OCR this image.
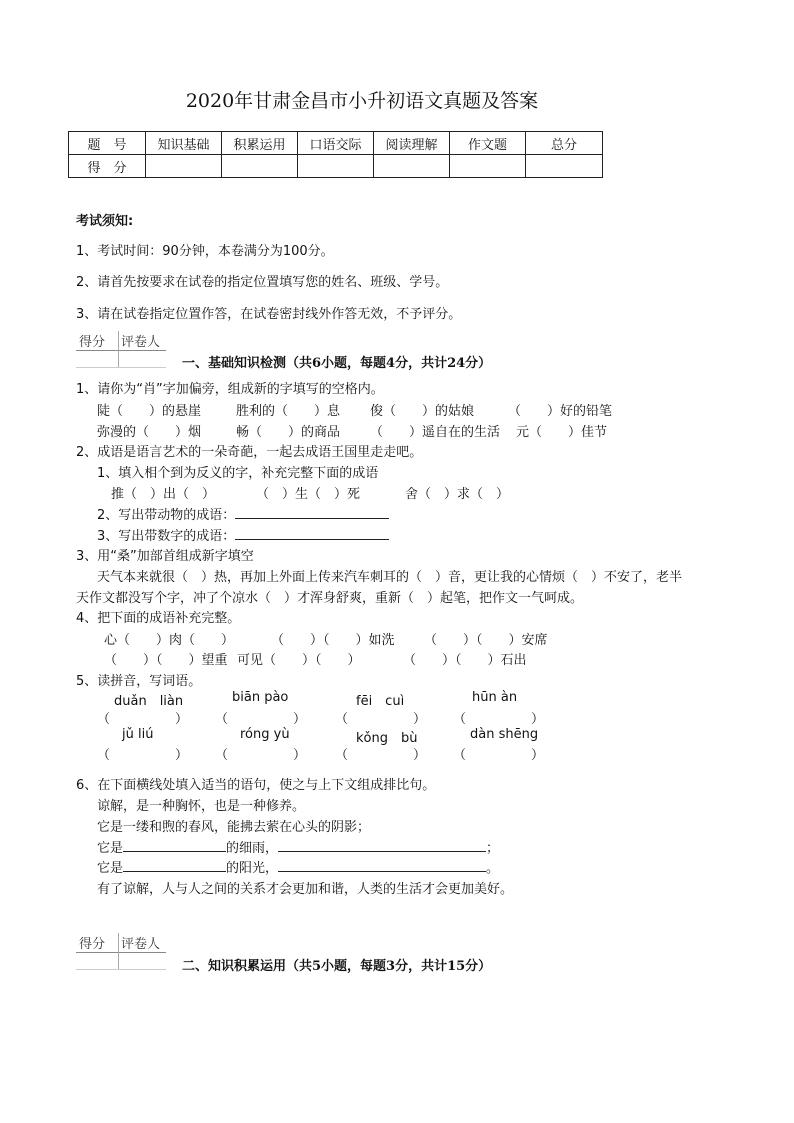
2020年甘肃金昌市小升初语文真题及答案
题　号	知识基础	积累运用	口语交际	阅读理解	作文题	总分
得　分						
考试须知:
1、考试时间：90分钟，本卷满分为100分。
2、请首先按要求在试卷的指定位置填写您的姓名、班级、学号。
3、请在试卷指定位置作答，在试卷密封线外作答无效，不予评分。
得分 评卷人
一、基础知识检测（共6小题，每题4分，共计24分）
1、请你为“肖”字加偏旁，组成新的字填写的空格内。
陡（　　）的悬崖	胜利的（　　）息 俊（　　）的姑娘	（　　）好的铅笔
弥漫的（　　）烟	畅（　　）的商品 （　　）遥自在的生活 元（　　）佳节
2、成语是语言艺术的一朵奇葩，一起去成语王国里走走吧。
1、填入相个到为反义的字，补充完整下面的成语
推（　）出（　）	（　）生（　）死	舍（　）求（　）
2、写出带动物的成语：
3、写出带数字的成语：
3、用“桑”加部首组成新字填空
天气本来就很（　）热，再加上外面上传来汽车刺耳的（　）音，更让我的心情烦（　）不安了，老半
天作文都没写个字，冲了个凉水（　）才浑身舒爽，重新（　）起笔，把作文一气呵成。
4、把下面的成语补充完整。
心（　　）肉（　　）	（　　）（　　）如洗 （　　）（　　）安席
（　　）（　　）望重 可见（　　）（　　）	（　　）（　　）石出
5、读拼音，写词语。
duǎn　liàn	biān pào	fēi　cuì	hūn àn
（　　　　　） （　　　　　） （　　　　　） （　　　　　）
jǔ liú	róng yù	kǒng　bù	dàn shēng
（　　　　　） （　　　　　） （　　　　　） （　　　　　）
6、在下面横线处填入适当的语句，使之与上下文组成排比句。
谅解，是一种胸怀，也是一种修养。
它是一缕和煦的春风，能拂去萦在心头的阴影；
它是	的细雨，	；
它是	的阳光，	。
有了谅解，人与人之间的关系才会更加和谐，人类的生活才会更加美好。
得分 评卷人
二、知识积累运用（共5小题，每题3分，共计15分）
